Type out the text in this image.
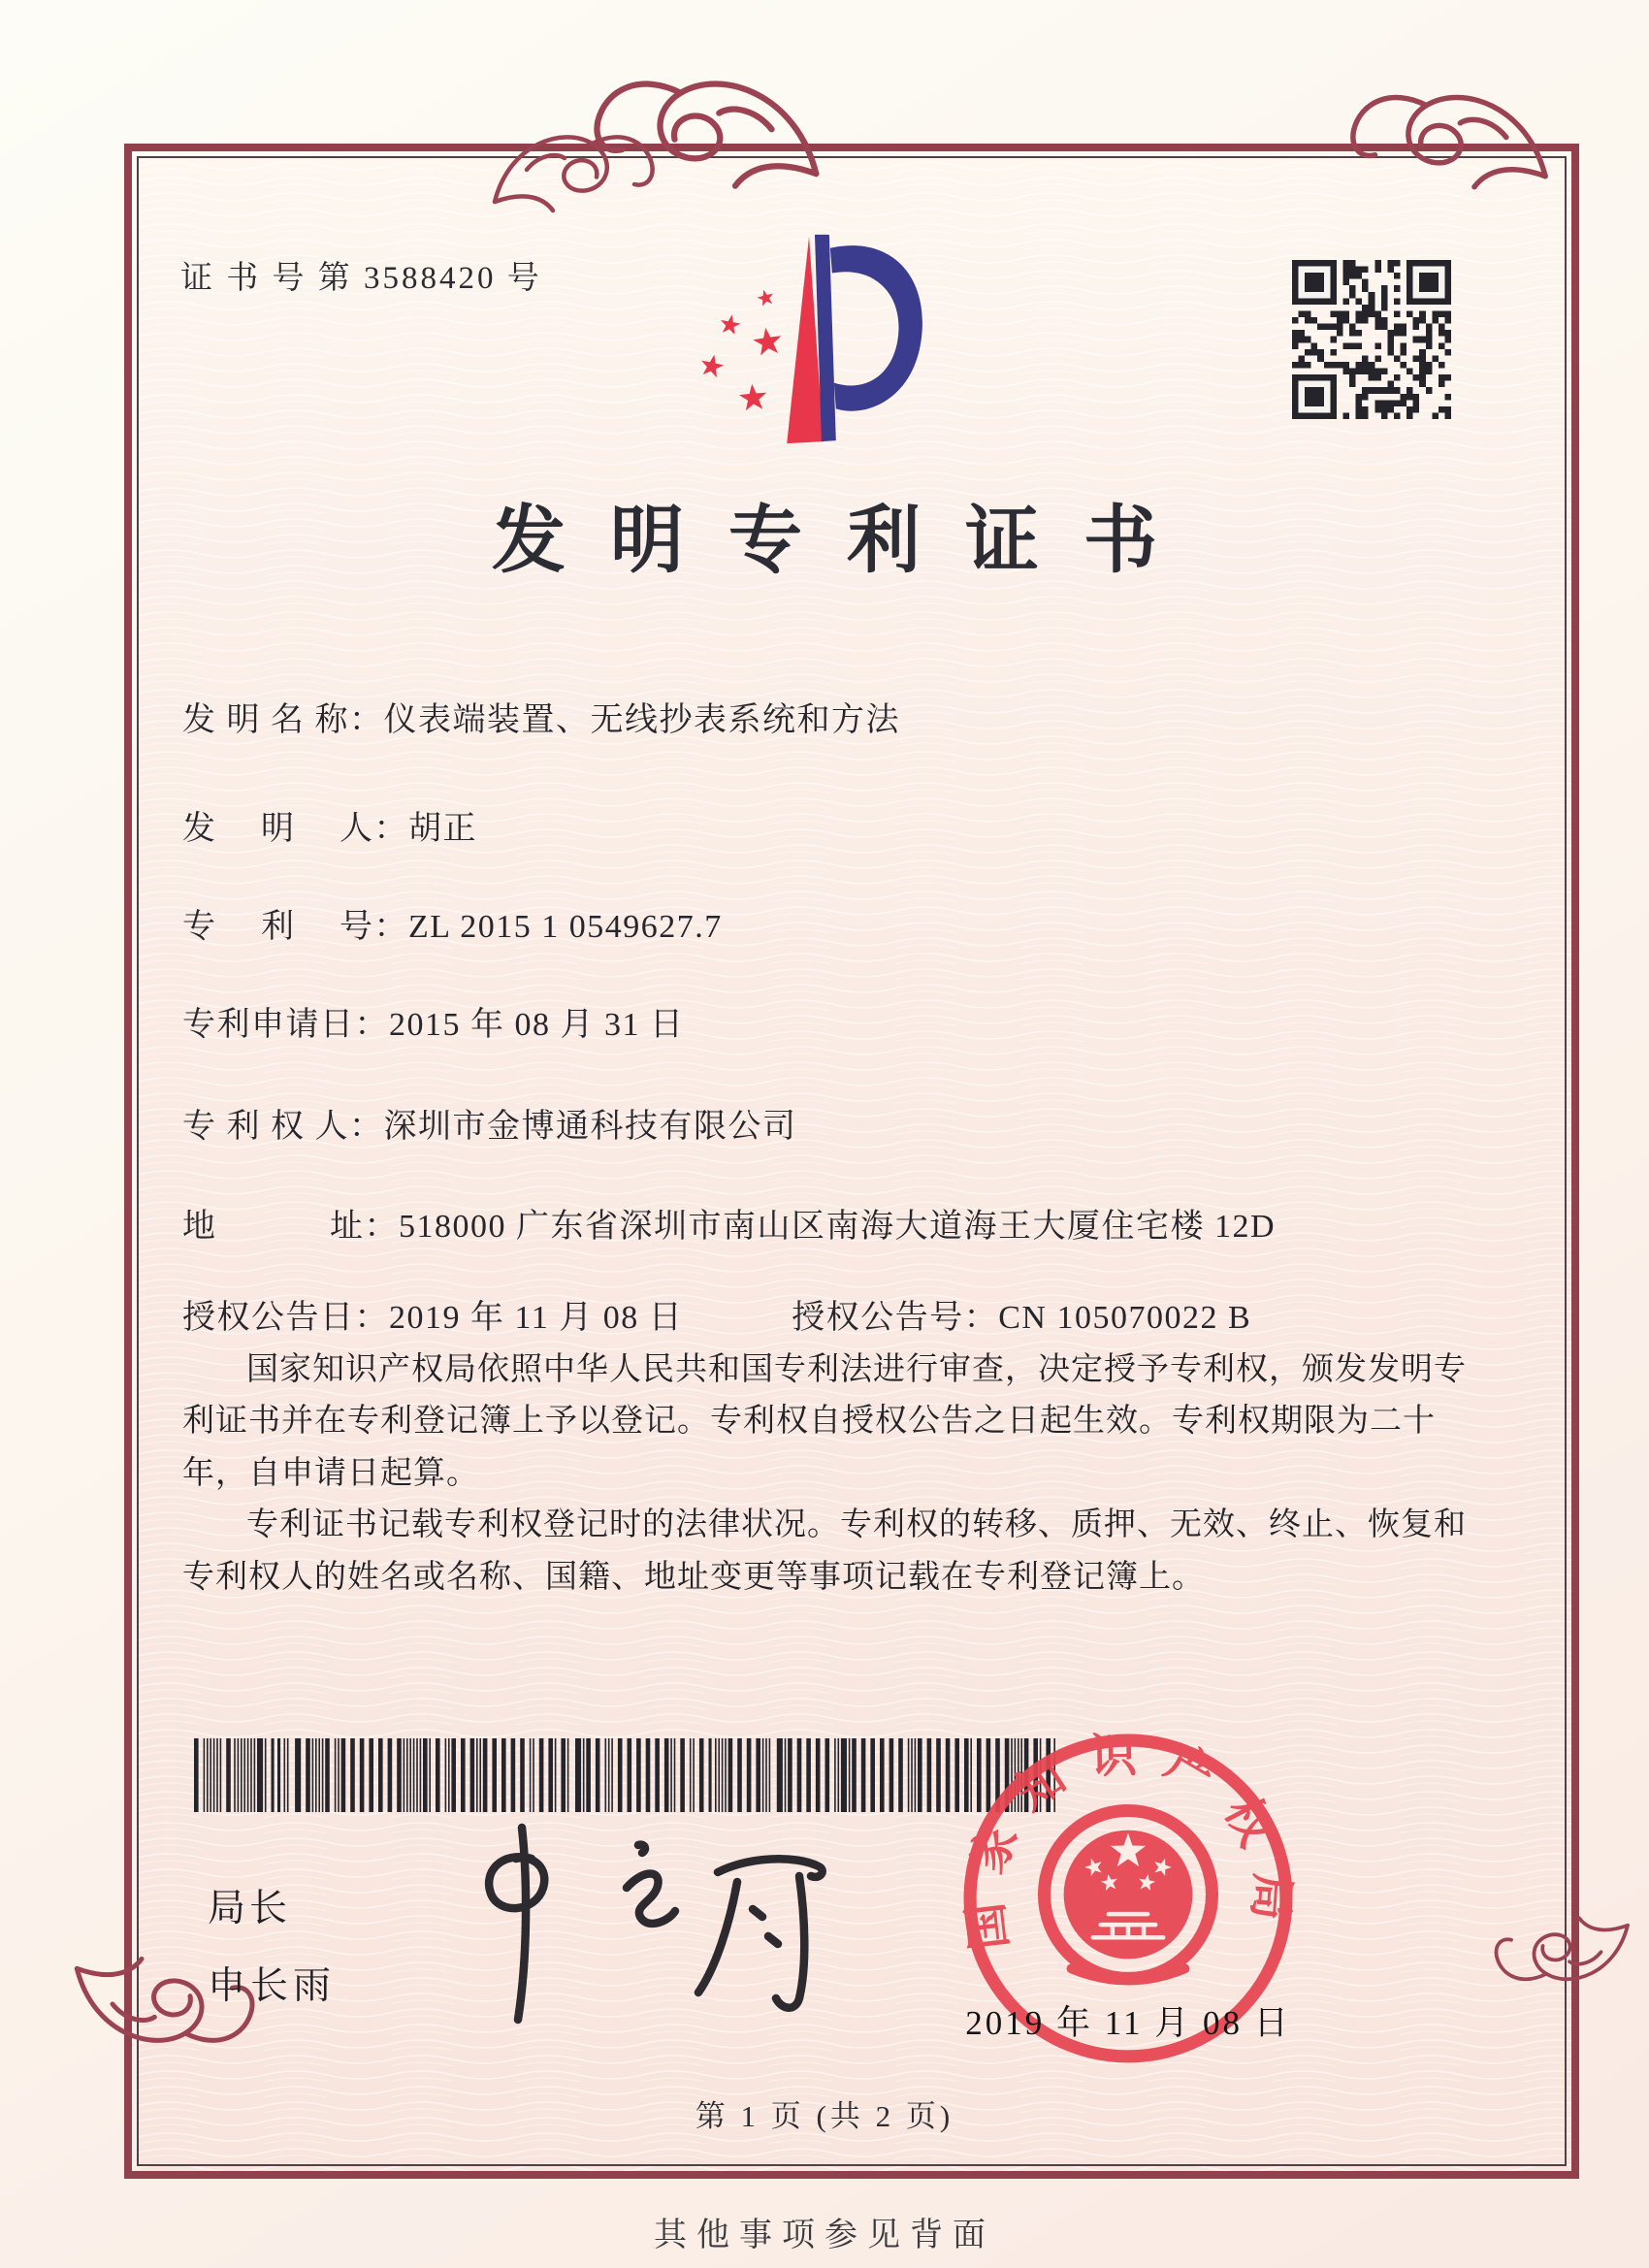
证 书 号 第 3588420 号
发明专利证书
发 明 名 称：仪表端装置、无线抄表系统和方法
发　 明　 人：胡正
专　 利　 号：ZL 2015 1 0549627.7
专利申请日：2015 年 08 月 31 日
专 利 权 人：深圳市金博通科技有限公司
地　　　 址：518000 广东省深圳市南山区南海大道海王大厦住宅楼 12D
授权公告日：2019 年 11 月 08 日	授权公告号：CN 105070022 B

国家知识产权局依照中华人民共和国专利法进行审查，决定授予专利权，颁发发明专利证书并在专利登记簿上予以登记。专利权自授权公告之日起生效。专利权期限为二十年，自申请日起算。

专利证书记载专利权登记时的法律状况。专利权的转移、质押、无效、终止、恢复和专利权人的姓名或名称、国籍、地址变更等事项记载在专利登记簿上。

局长
申长雨
国家知识产权局
2019 年 11 月 08 日
第 1 页 (共 2 页)
其他事项参见背面
